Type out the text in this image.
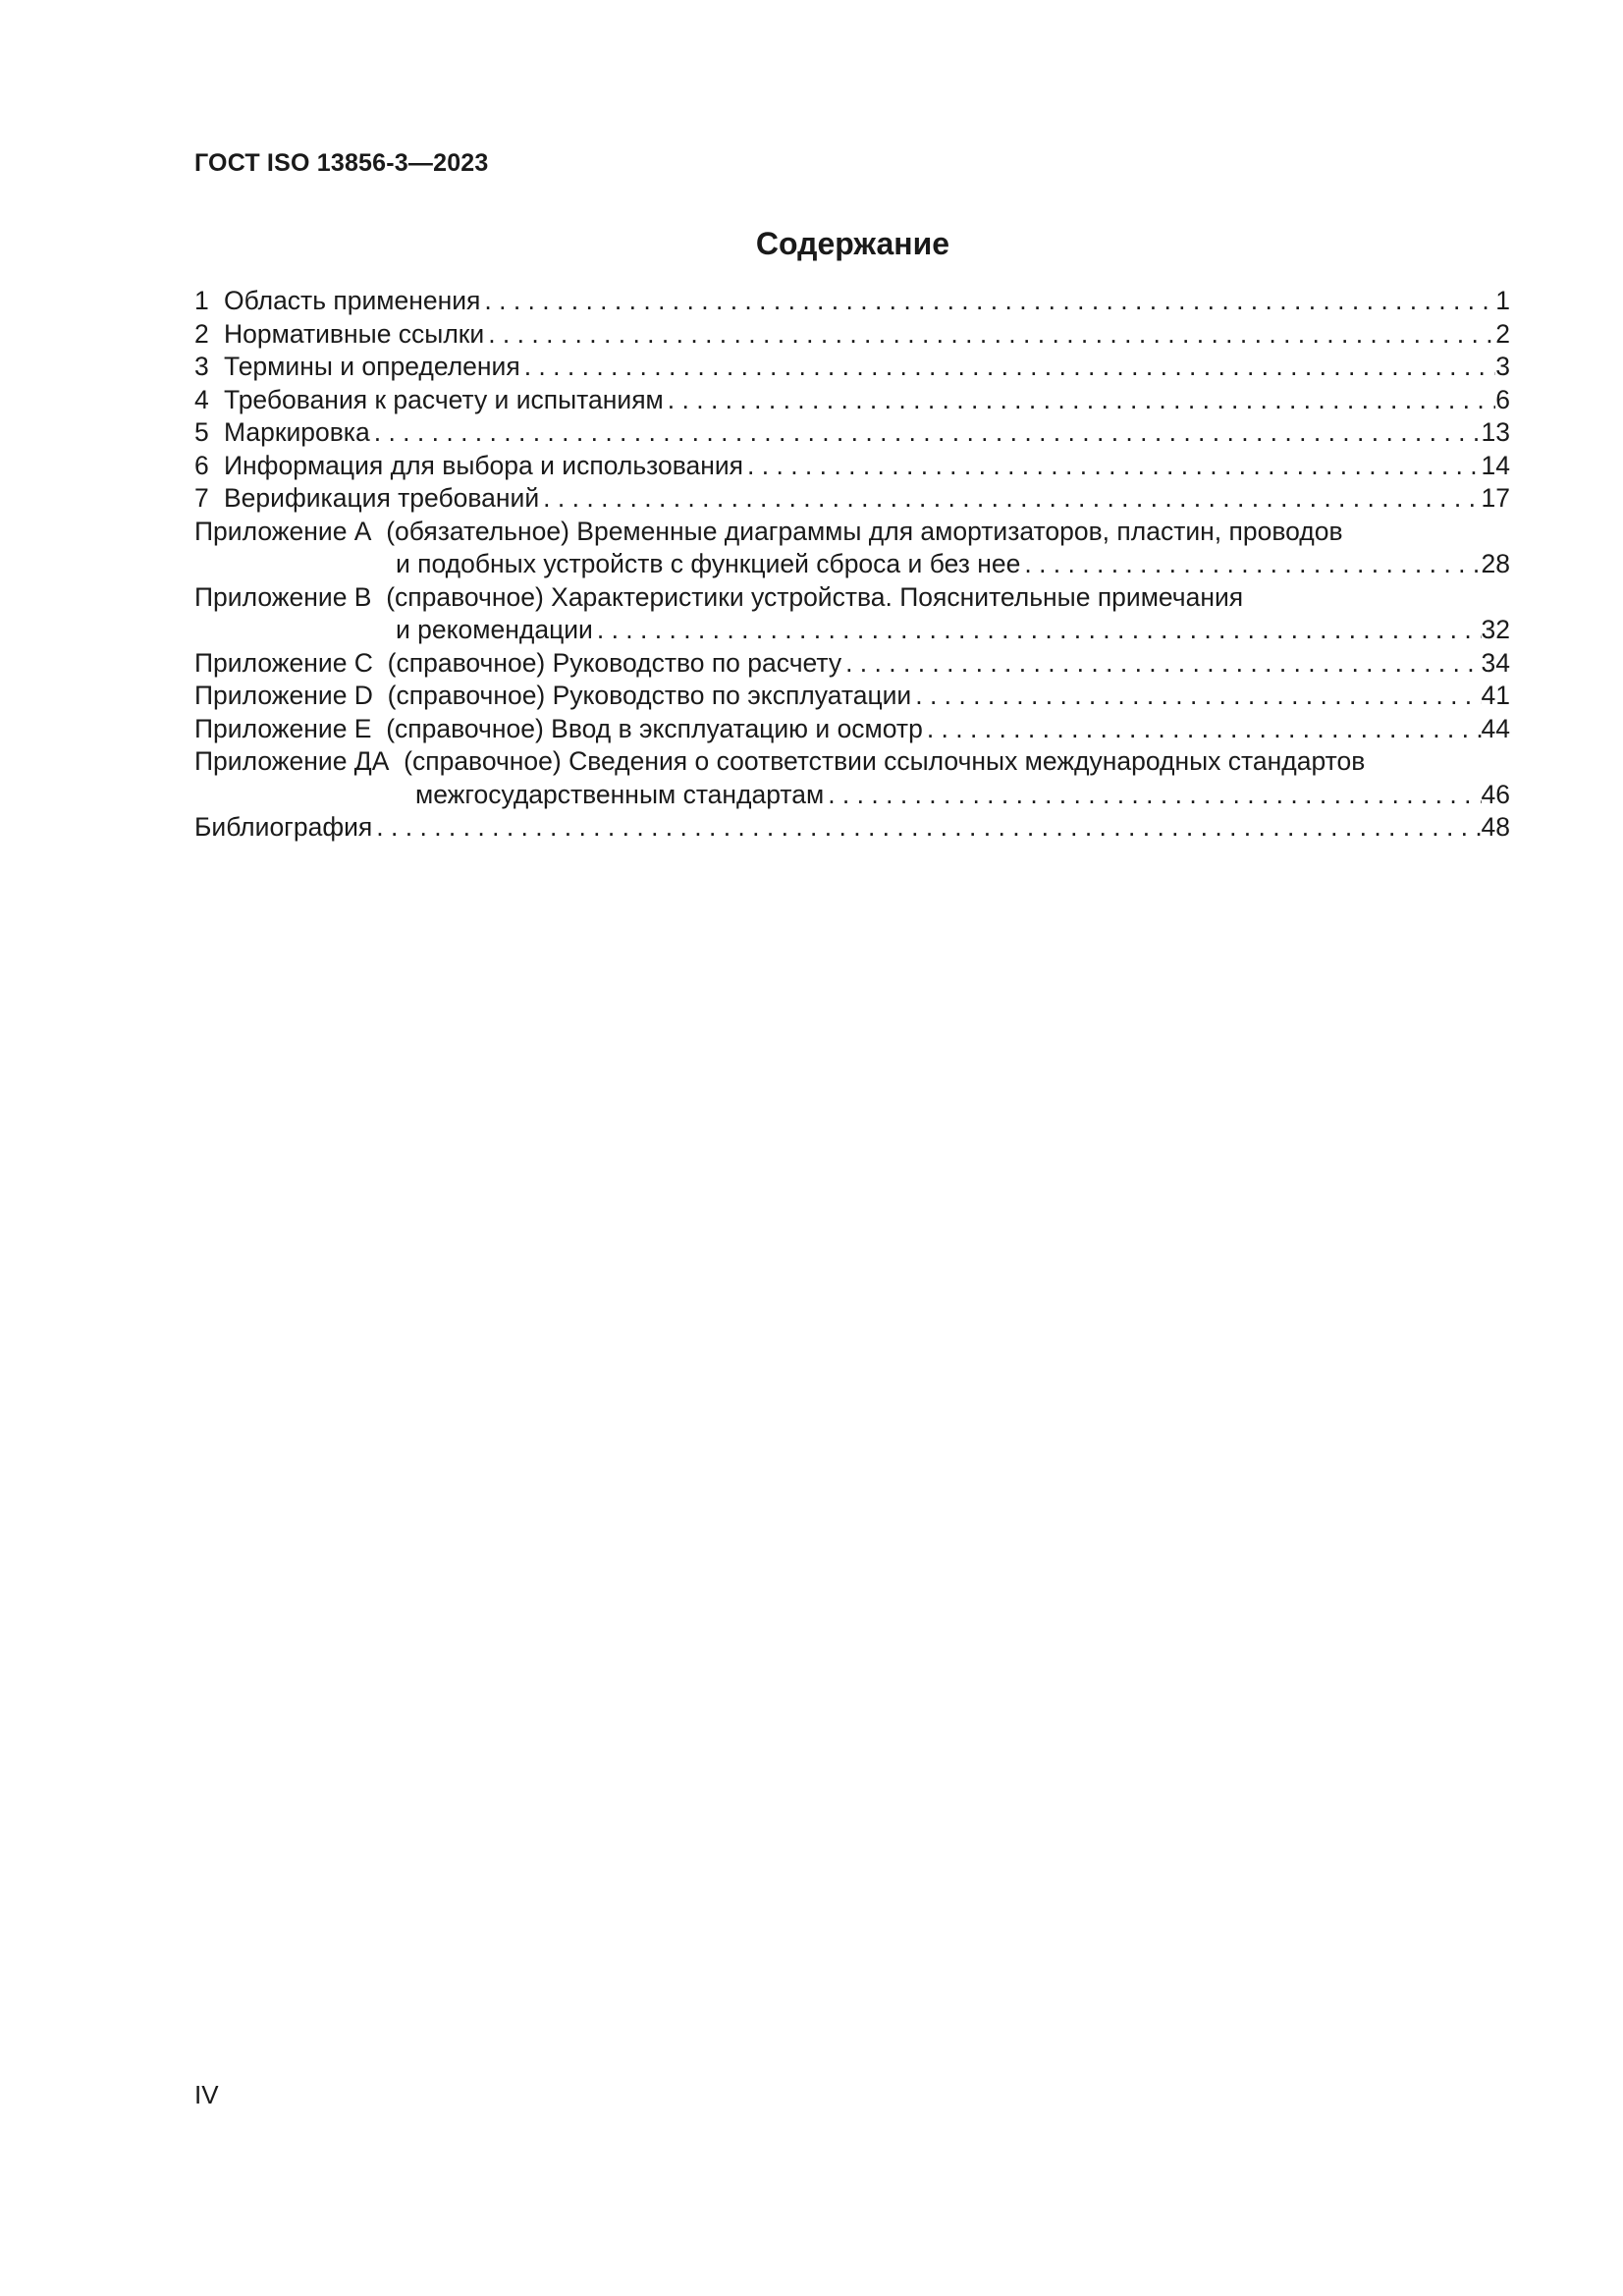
ГОСТ ISO 13856-3—2023
Содержание
1 Область применения . . .	1
2 Нормативные ссылки . . .	2
3 Термины и определения . . .	3
4 Требования к расчету и испытаниям . . .	6
5 Маркировка . . .	13
6 Информация для выбора и использования . . .	14
7 Верификация требований . . .	17
Приложение А (обязательное) Временные диаграммы для амортизаторов, пластин, проводов
и подобных устройств с функцией сброса и без нее . . .	28
Приложение В (справочное) Характеристики устройства. Пояснительные примечания
и рекомендации . . .	32
Приложение С (справочное) Руководство по расчету . . .	34
Приложение D (справочное) Руководство по эксплуатации . . .	41
Приложение Е (справочное) Ввод в эксплуатацию и осмотр . . .	44
Приложение ДА (справочное) Сведения о соответствии ссылочных международных стандартов
межгосударственным стандартам . . .	46
Библиография . . .	48
IV
